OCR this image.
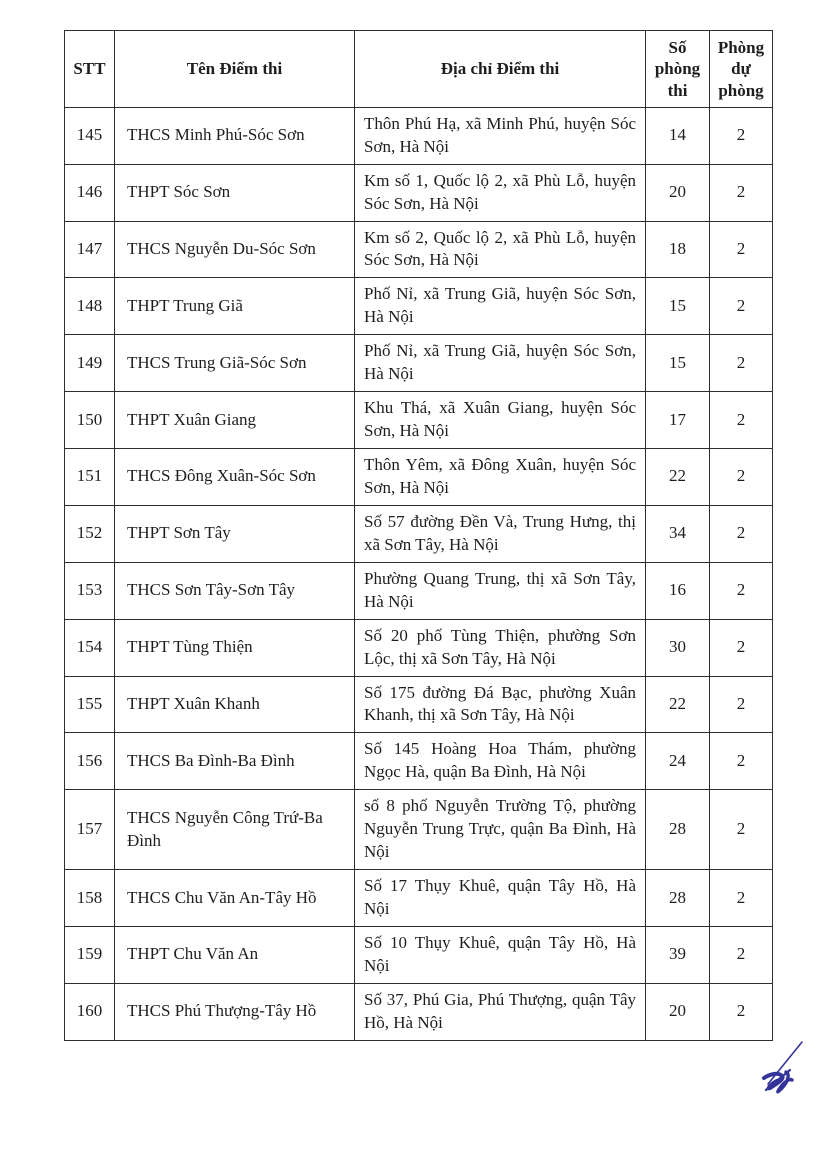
STT	Tên Điểm thi	Địa chỉ Điểm thi	Số phòng thi	Phòng dự phòng
145	THCS Minh Phú-Sóc Sơn	Thôn Phú Hạ, xã Minh Phú, huyện Sóc Sơn, Hà Nội	14	2
146	THPT Sóc Sơn	Km số 1, Quốc lộ 2, xã Phù Lỗ, huyện Sóc Sơn, Hà Nội	20	2
147	THCS Nguyễn Du-Sóc Sơn	Km số 2, Quốc lộ 2, xã Phù Lỗ, huyện Sóc Sơn, Hà Nội	18	2
148	THPT Trung Giã	Phố Nỉ, xã Trung Giã, huyện Sóc Sơn, Hà Nội	15	2
149	THCS Trung Giã-Sóc Sơn	Phố Nỉ, xã Trung Giã, huyện Sóc Sơn, Hà Nội	15	2
150	THPT Xuân Giang	Khu Thá, xã Xuân Giang, huyện Sóc Sơn, Hà Nội	17	2
151	THCS Đông Xuân-Sóc Sơn	Thôn Yêm, xã Đông Xuân, huyện Sóc Sơn, Hà Nội	22	2
152	THPT Sơn Tây	Số 57 đường Đền Và, Trung Hưng, thị xã Sơn Tây, Hà Nội	34	2
153	THCS Sơn Tây-Sơn Tây	Phường Quang Trung, thị xã Sơn Tây, Hà Nội	16	2
154	THPT Tùng Thiện	Số 20 phố Tùng Thiện, phường Sơn Lộc, thị xã Sơn Tây, Hà Nội	30	2
155	THPT Xuân Khanh	Số 175 đường Đá Bạc, phường Xuân Khanh, thị xã Sơn Tây, Hà Nội	22	2
156	THCS Ba Đình-Ba Đình	Số 145 Hoàng Hoa Thám, phường Ngọc Hà, quận Ba Đình, Hà Nội	24	2
157	THCS Nguyễn Công Trứ-Ba Đình	số 8 phố Nguyễn Trường Tộ, phường Nguyễn Trung Trực, quận Ba Đình, Hà Nội	28	2
158	THCS Chu Văn An-Tây Hồ	Số 17 Thụy Khuê, quận Tây Hồ, Hà Nội	28	2
159	THPT Chu Văn An	Số 10 Thụy Khuê, quận Tây Hồ, Hà Nội	39	2
160	THCS Phú Thượng-Tây Hồ	Số 37, Phú Gia, Phú Thượng, quận Tây Hồ, Hà Nội	20	2
